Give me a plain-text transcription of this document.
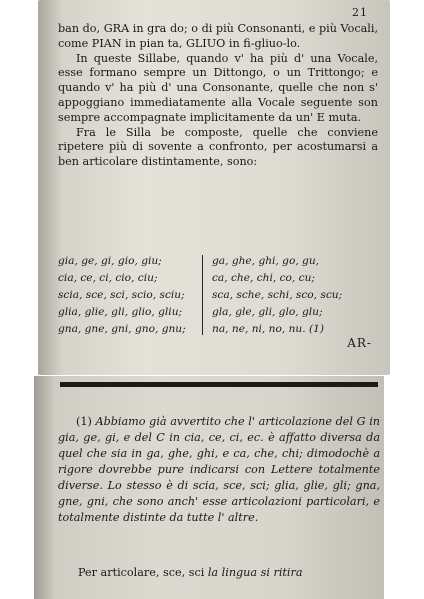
21

ban do, GRA in gra do; o di più Consonanti, e più Vocali, come PIAN in pian ta, GLIUO in fi-gliuo-lo.

In queste Sillabe, quando v' ha più d' una Vocale, esse formano sempre un Dittongo, o un Trittongo; e quando v' ha più d' una Consonante, quelle che non s' appoggiano immediatamente alla Vocale seguente son sempre accompagnate implicitamente da un' E muta.

Fra le Silla be composte, quelle che conviene ripetere più di sovente a confronto, per acostumarsi a ben articolare distintamente, sono:

gia, ge, gi, gio, giu;
cia, ce, ci, cio, ciu;
scia, sce, sci, scio, sciu;
glia, glie, gli, glio, gliu;
gna, gne, gni, gno, gnu;
ga, ghe, ghi, go, gu,
ca, che, chi, co, cu;
sca, sche, schi, sco, scu;
gla, gle, gli, glo, glu;
na, ne, ni, no, nu. (1)
AR-

(1) Abbiamo già avvertito che l' articolazione del G in gia, ge, gi, e del C in cia, ce, ci, ec. è affatto diversa da quel che sia in ga, ghe, ghi, e ca, che, chi; dimodochè a rigore dovrebbe pure indicarsi con Lettere totalmente diverse. Lo stesso è di scia, sce, sci; glia, glie, gli; gna, gne, gni, che sono anch' esse articolazioni particolari, e totalmente distinte da tutte l' altre.

Per articolare, sce, sci la lingua si ritira
